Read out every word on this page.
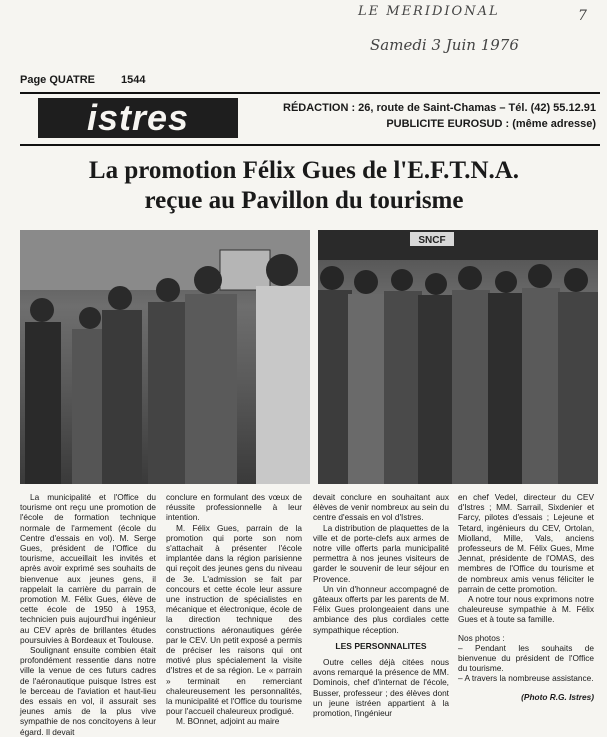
LE MERIDIONAL	7
Samedi 3 Juin 1976
Page QUATRE 1544
istres	RÉDACTION : 26, route de Saint-Chamas – Tél. (42) 55.12.91
PUBLICITE EUROSUD : (même adresse)
La promotion Félix Gues de l'E.F.T.N.A.
reçue au Pavillon du tourisme
SNCF

La municipalité et l'Office du tourisme ont reçu une promotion de l'école de formation technique normale de l'armement (école du Centre d'essais en vol). M. Serge Gues, président de l'Office du tourisme, accueillait les invités et après avoir exprimé ses souhaits de bienvenue aux jeunes gens, il rappelait la carrière du parrain de promotion M. Félix Gues, élève de cette école de 1950 à 1953, technicien puis aujourd'hui ingénieur au CEV après de brillantes études poursuivies à Bordeaux et Toulouse.

Soulignant ensuite combien était profondément ressentie dans notre ville la venue de ces futurs cadres de l'aéronautique puisque Istres est le berceau de l'aviation et haut-lieu des essais en vol, il assurait ses jeunes amis de la plus vive sympathie de nos concitoyens à leur égard. Il devait

conclure en formulant des vœux de réussite professionnelle à leur intention.

M. Félix Gues, parrain de la promotion qui porte son nom s'attachait à présenter l'école implantée dans la région parisienne qui reçoit des jeunes gens du niveau de 3e. L'admission se fait par concours et cette école leur assure une instruction de spécialistes en mécanique et électronique, école de la direction technique des constructions aéronautiques gérée par le CEV. Un petit exposé a permis de préciser les raisons qui ont motivé plus spécialement la visite d'Istres et de sa région. Le « parrain » terminait en remerciant chaleureusement les personnalités, la municipalité et l'Office du tourisme pour l'accueil chaleureux prodigué.

M. BOnnet, adjoint au maire

devait conclure en souhaitant aux élèves de venir nombreux au sein du centre d'essais en vol d'Istres.

La distribution de plaquettes de la ville et de porte-clefs aux armes de notre ville offerts parla municipalité permettra à nos jeunes visiteurs de garder le souvenir de leur séjour en Provence.

Un vin d'honneur accompagné de gâteaux offerts par les parents de M. Félix Gues prolongeaient dans une ambiance des plus cordiales cette sympathique réception.

LES PERSONNALITES

Outre celles déjà citées nous avons remarqué la présence de MM. Dominois, chef d'internat de l'école, Busser, professeur ; des élèves dont un jeune istréen appartient à la promotion, l'ingénieur

en chef Vedel, directeur du CEV d'Istres ; MM. Sarrail, Sixdenier et Farcy, pilotes d'essais ; Lejeune et Tetard, ingénieurs du CEV, Ortolan, Miolland, Mille, Vals, anciens professeurs de M. Félix Gues, Mme Jennat, présidente de l'OMAS, des membres de l'Office du tourisme et de nombreux amis venus féliciter le parrain de cette promotion.

A notre tour nous exprimons notre chaleureuse sympathie à M. Félix Gues et à toute sa famille.

Nos photos :
– Pendant les souhaits de bienvenue du président de l'Office du tourisme.
– A travers la nombreuse assistance.
(Photo R.G. Istres)
